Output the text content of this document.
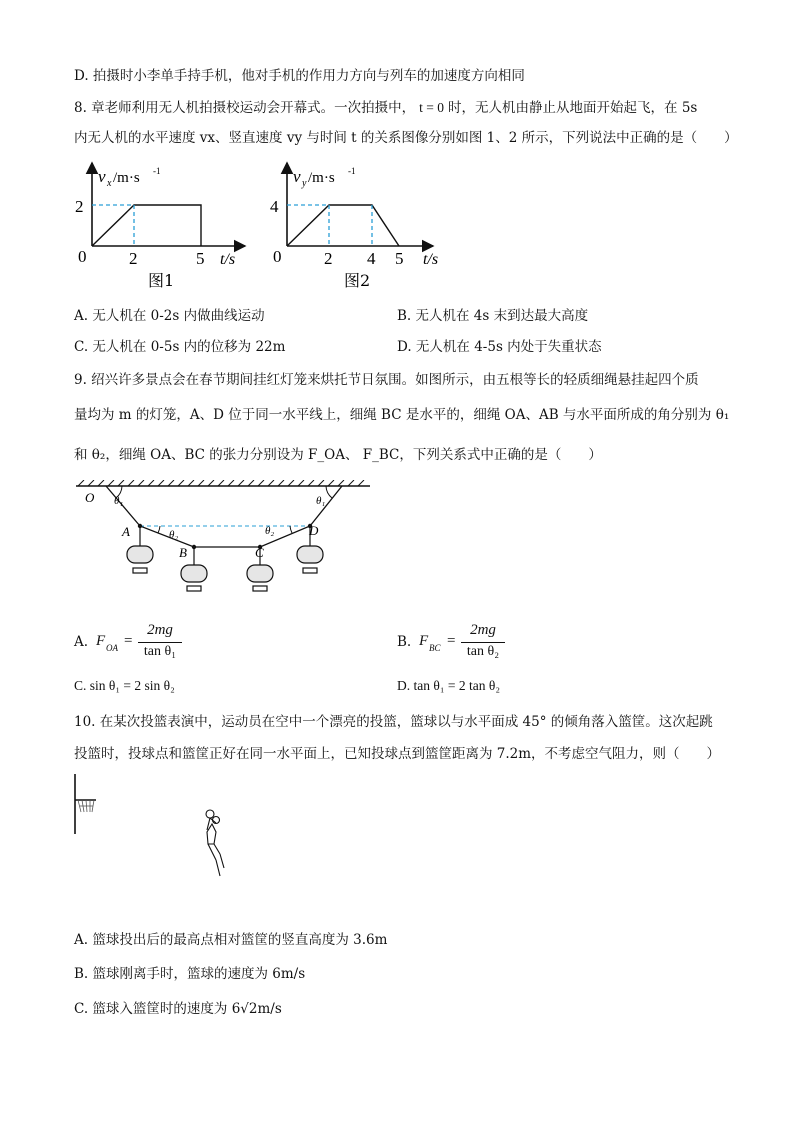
D. 拍摄时小李单手持手机，他对手机的作用力方向与列车的加速度方向相同
8. 章老师利用无人机拍摄校运动会开幕式。一次拍摄中， t = 0 时，无人机由静止从地面开始起飞，在 5s
内无人机的水平速度 vx、竖直速度 vy 与时间 t 的关系图像分别如图 1、2 所示，下列说法中正确的是（　　）
v x /m·s -1
2
0	2	5 t/s
图1
v y /m·s -1
4
0	2 4 5 t/s
图2
A. 无人机在 0-2s 内做曲线运动	B. 无人机在 4s 末到达最大高度
C. 无人机在 0-5s 内的位移为 22m	D. 无人机在 4-5s 内处于失重状态
9. 绍兴许多景点会在春节期间挂红灯笼来烘托节日氛围。如图所示，由五根等长的轻质细绳悬挂起四个质
量均为 m 的灯笼，A、D 位于同一水平线上，细绳 BC 是水平的，细绳 OA、AB 与水平面所成的角分别为 θ₁
和 θ₂，细绳 OA、BC 的张力分别设为 F_OA、 F_BC，下列关系式中正确的是（　　）
O θ₁	θ₁
A	θ₂	θ₂
B	C
D
A. F OA =
2mg
tan θ₁
B. F BC =
2mg
tan θ₂
C. sin θ₁ = 2 sin θ₂	D. tan θ₁ = 2 tan θ₂
10. 在某次投篮表演中，运动员在空中一个漂亮的投篮，篮球以与水平面成 45° 的倾角落入篮筐。这次起跳
投篮时，投球点和篮筐正好在同一水平面上，已知投球点到篮筐距离为 7.2m，不考虑空气阻力，则（　　）
A. 篮球投出后的最高点相对篮筐的竖直高度为 3.6m
B. 篮球刚离手时，篮球的速度为 6m/s
C. 篮球入篮筐时的速度为 6√2m/s
